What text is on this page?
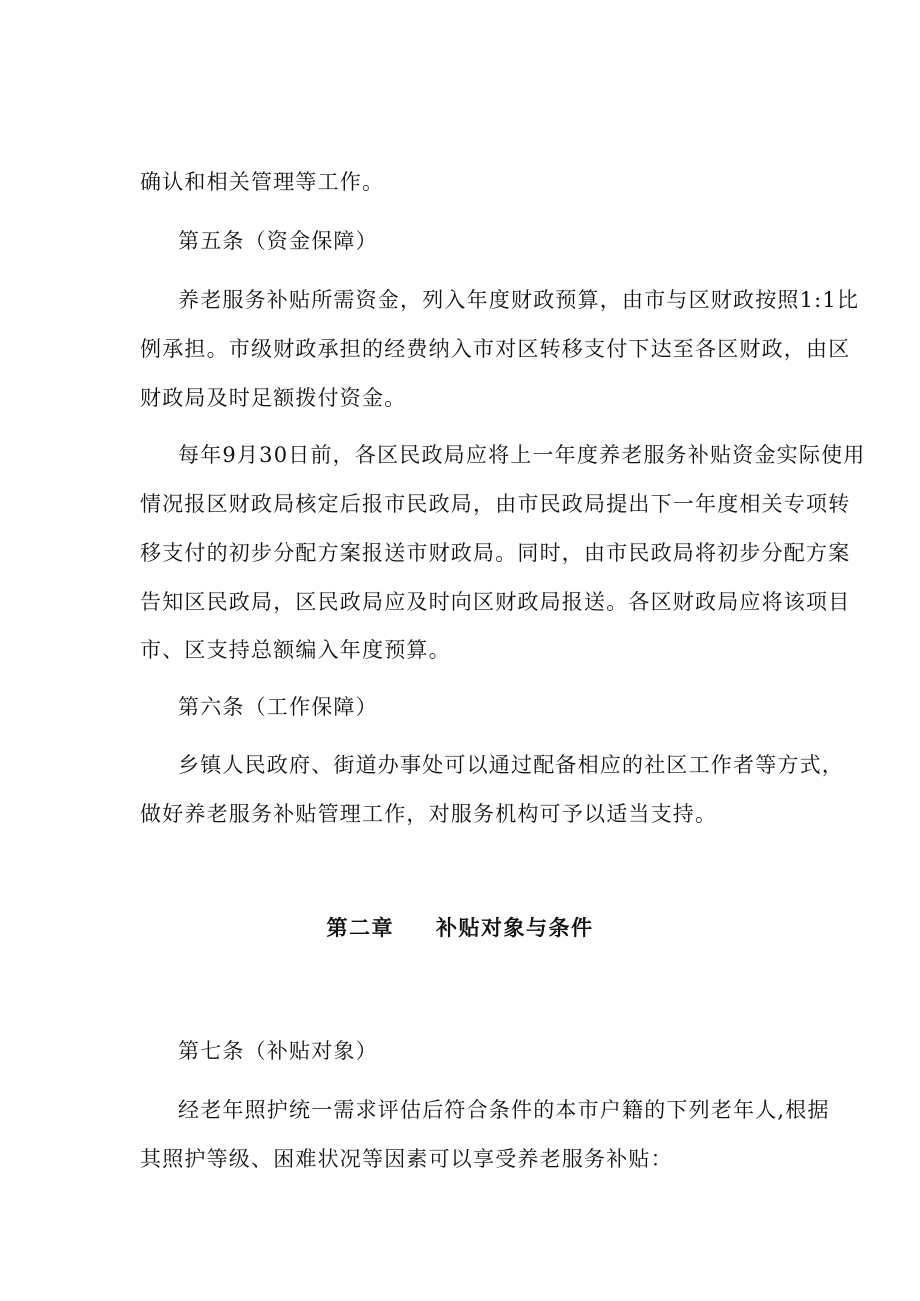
确认和相关管理等工作。
第五条（资金保障）
养老服务补贴所需资金，列入年度财政预算，由市与区财政按照1:1比
例承担。市级财政承担的经费纳入市对区转移支付下达至各区财政，由区
财政局及时足额拨付资金。
每年9月30日前，各区民政局应将上一年度养老服务补贴资金实际使用
情况报区财政局核定后报市民政局，由市民政局提出下一年度相关专项转
移支付的初步分配方案报送市财政局。同时，由市民政局将初步分配方案
告知区民政局，区民政局应及时向区财政局报送。各区财政局应将该项目
市、区支持总额编入年度预算。
第六条（工作保障）
乡镇人民政府、街道办事处可以通过配备相应的社区工作者等方式，
做好养老服务补贴管理工作，对服务机构可予以适当支持。
第二章 补贴对象与条件
第七条（补贴对象）
经老年照护统一需求评估后符合条件的本市户籍的下列老年人,根据
其照护等级、困难状况等因素可以享受养老服务补贴：
